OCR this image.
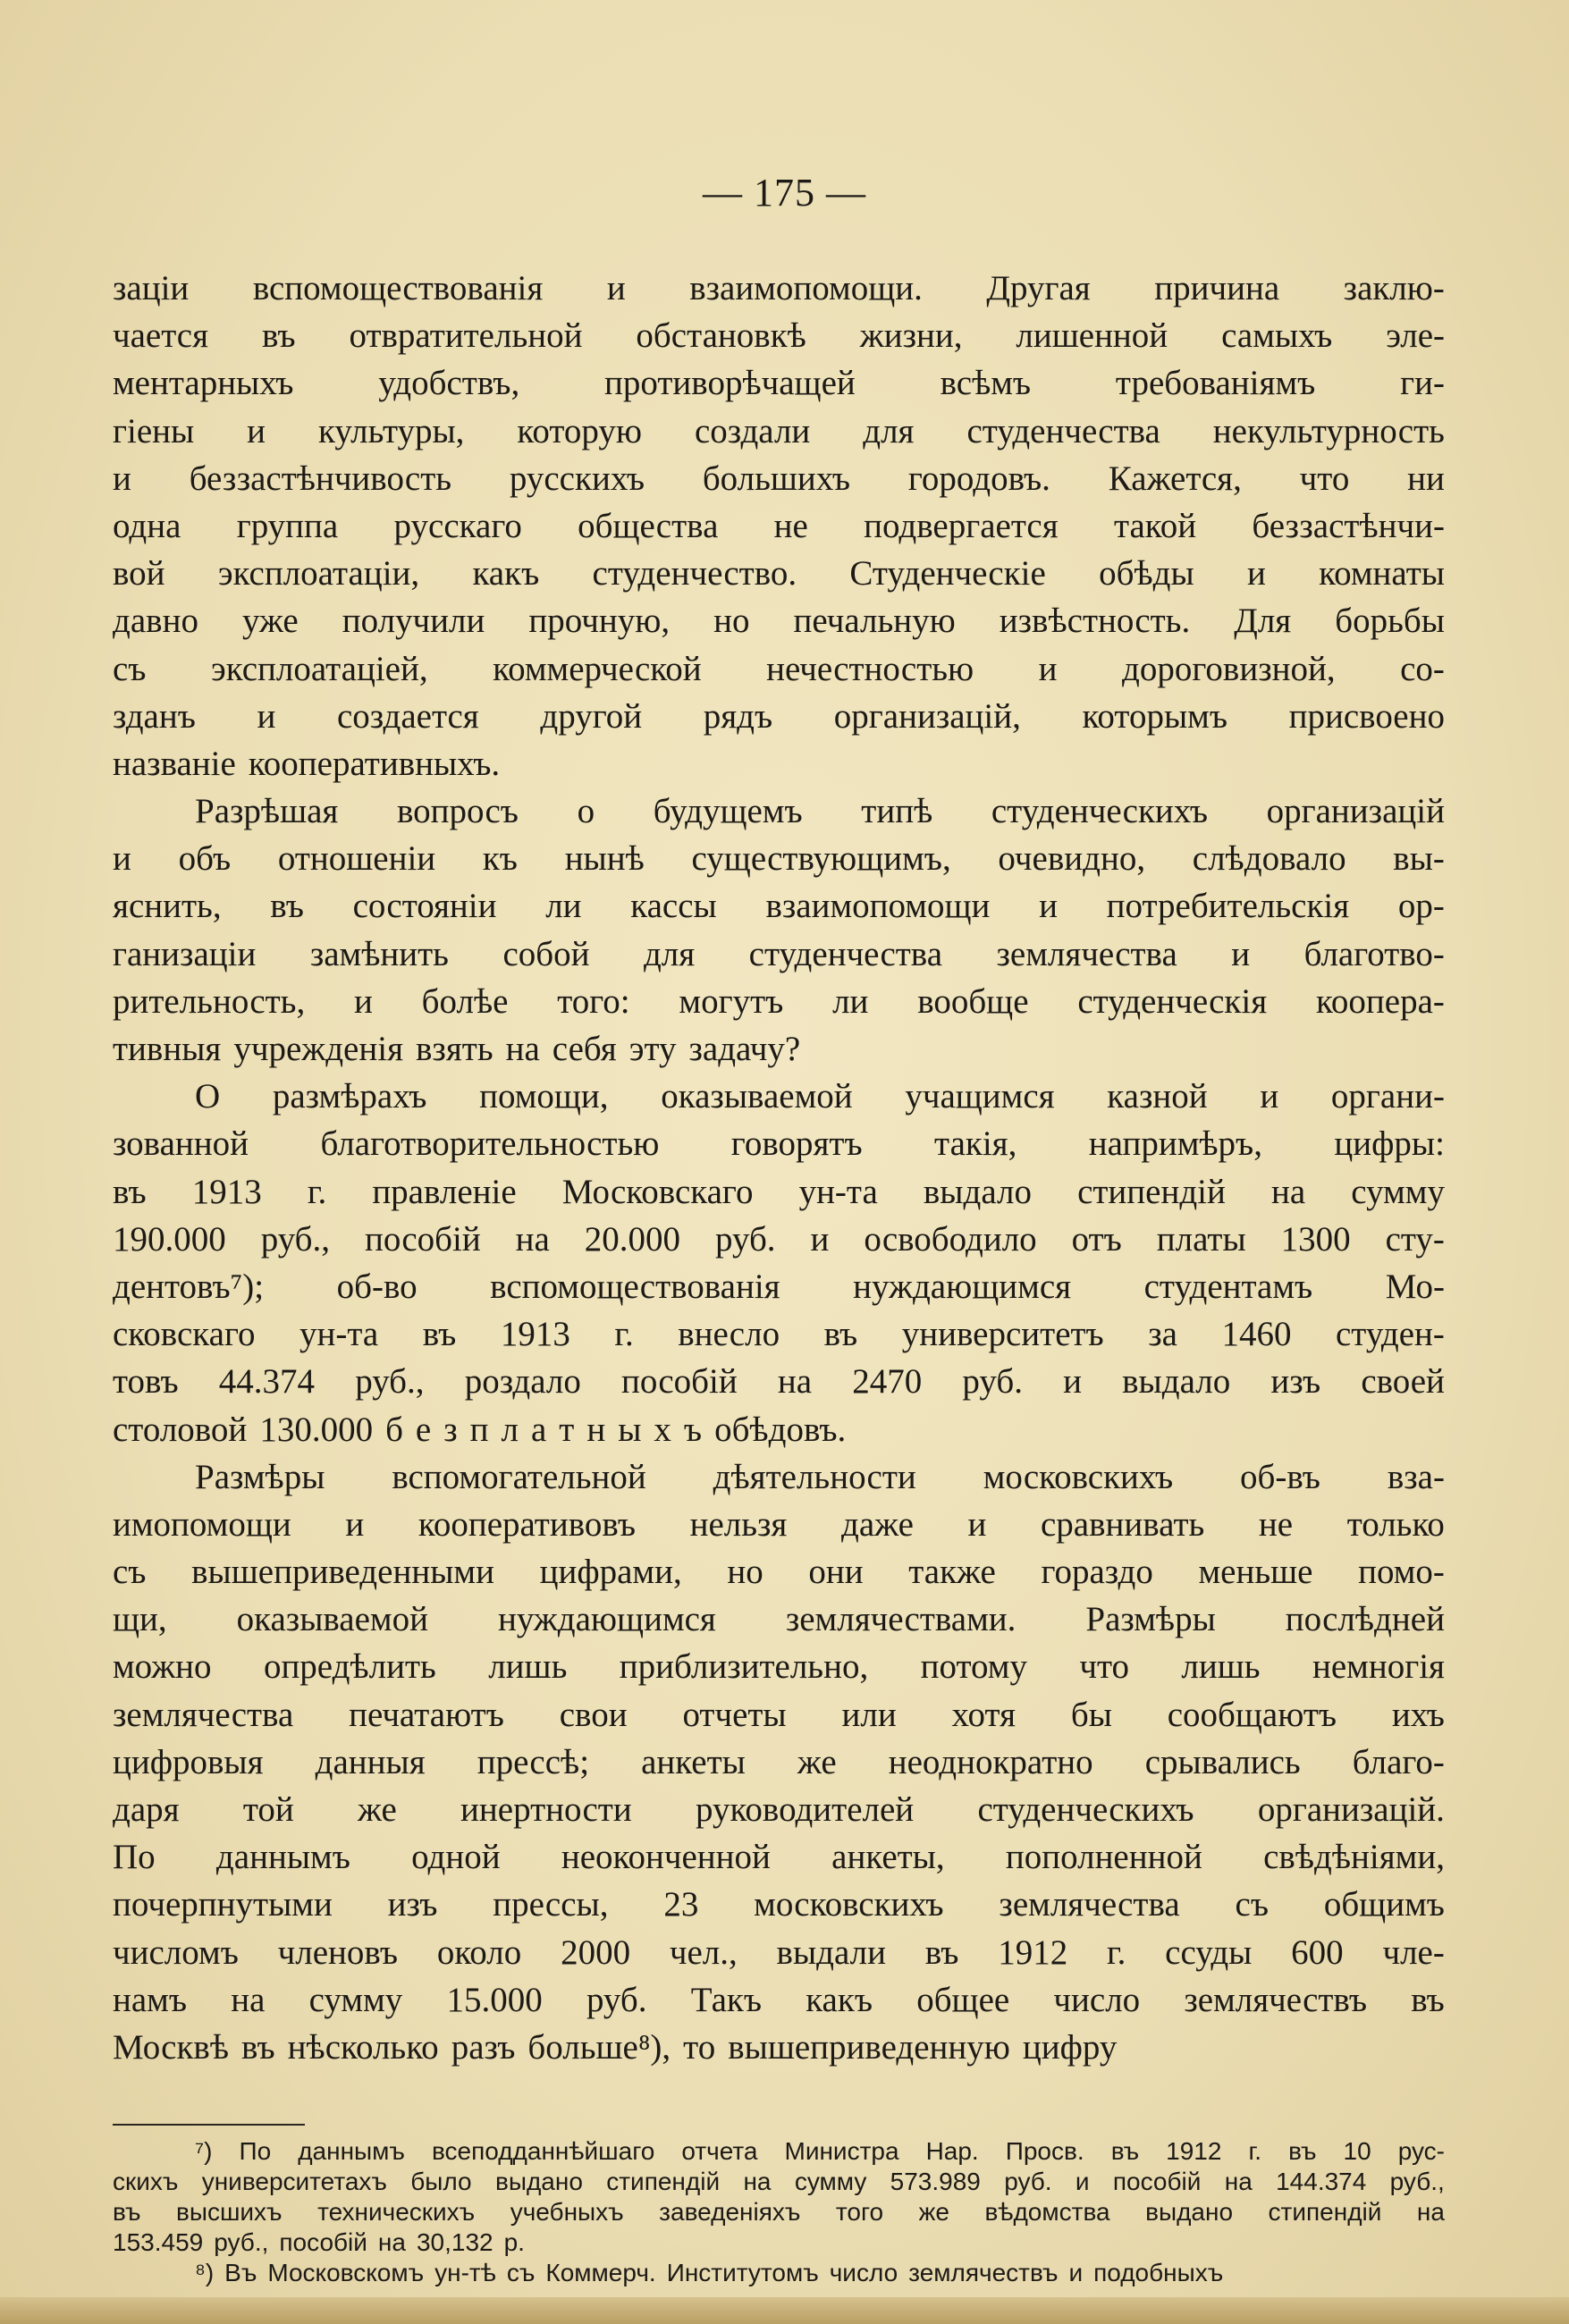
— 175 —
заціи вспомоществованія и взаимопомощи. Другая причина заклю-
чается въ отвратительной обстановкѣ жизни, лишенной самыхъ эле-
ментарныхъ удобствъ, противорѣчащей всѣмъ требованіямъ ги-
гіены и культуры, которую создали для студенчества некультурность
и беззастѣнчивость русскихъ большихъ городовъ. Кажется, что ни
одна группа русскаго общества не подвергается такой беззастѣнчи-
вой эксплоатаціи, какъ студенчество. Студенческіе обѣды и комнаты
давно уже получили прочную, но печальную извѣстность. Для борьбы
съ эксплоатаціей, коммерческой нечестностью и дороговизной, со-
зданъ и создается другой рядъ организацій, которымъ присвоено
названіе кооперативныхъ.
Разрѣшая вопросъ о будущемъ типѣ студенческихъ организацій
и объ отношеніи къ нынѣ существующимъ, очевидно, слѣдовало вы-
яснить, въ состояніи ли кассы взаимопомощи и потребительскія ор-
ганизаціи замѣнить собой для студенчества землячества и благотво-
рительность, и болѣе того: могутъ ли вообще студенческія коопера-
тивныя учрежденія взять на себя эту задачу?
О размѣрахъ помощи, оказываемой учащимся казной и органи-
зованной благотворительностью говорятъ такія, напримѣръ, цифры:
въ 1913 г. правленіе Московскаго ун-та выдало стипендій на сумму
190.000 руб., пособій на 20.000 руб. и освободило отъ платы 1300 сту-
дентовъ⁷); об-во вспомоществованія нуждающимся студентамъ Мо-
сковскаго ун-та въ 1913 г. внесло въ университетъ за 1460 студен-
товъ 44.374 руб., роздало пособій на 2470 руб. и выдало изъ своей
столовой 130.000 б е з п л а т н ы х ъ обѣдовъ.
Размѣры вспомогательной дѣятельности московскихъ об-въ вза-
имопомощи и кооперативовъ нельзя даже и сравнивать не только
съ вышеприведенными цифрами, но они также гораздо меньше помо-
щи, оказываемой нуждающимся землячествами. Размѣры послѣдней
можно опредѣлить лишь приблизительно, потому что лишь немногія
землячества печатаютъ свои отчеты или хотя бы сообщаютъ ихъ
цифровыя данныя прессѣ; анкеты же неоднократно срывались благо-
даря той же инертности руководителей студенческихъ организацій.
По даннымъ одной неоконченной анкеты, пополненной свѣдѣніями,
почерпнутыми изъ прессы, 23 московскихъ землячества съ общимъ
числомъ членовъ около 2000 чел., выдали въ 1912 г. ссуды 600 чле-
намъ на сумму 15.000 руб. Такъ какъ общее число землячествъ въ
Москвѣ въ нѣсколько разъ больше⁸), то вышеприведенную цифру
⁷) По даннымъ всеподданнѣйшаго отчета Министра Нар. Просв. въ 1912 г. въ 10 рус-
скихъ университетахъ было выдано стипендій на сумму 573.989 руб. и пособій на 144.374 руб.,
въ высшихъ техническихъ учебныхъ заведеніяхъ того же вѣдомства выдано стипендій на
153.459 руб., пособій на 30,132 р.
⁸) Въ Московскомъ ун-тѣ съ Коммерч. Институтомъ число землячествъ и подобныхъ
